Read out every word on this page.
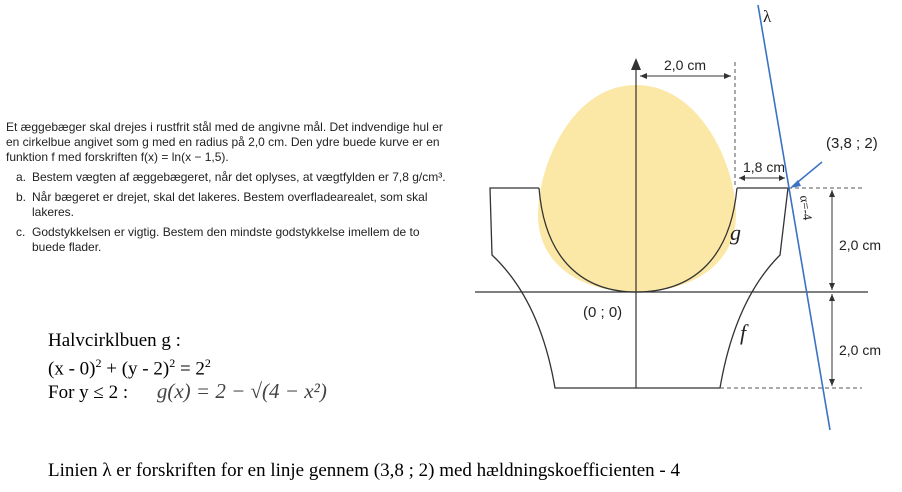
Et æggebæger skal drejes i rustfrit stål med de angivne mål. Det indvendige hul er en cirkelbue angivet som g med en radius på 2,0 cm. Den ydre buede kurve er en funktion f med forskriften f(x) = ln(x − 1,5).

a. Bestem vægten af æggebægeret, når det oplyses, at vægtfylden er 7,8 g/cm³.
b. Når bægeret er drejet, skal det lakeres. Bestem overfladearealet, som skal lakeres.
c. Godstykkelsen er vigtig. Bestem den mindste godstykkelse imellem de to buede flader.
Halvcirklbuen g :
$(x - 0)^2 + (y - 2)^2 = 2^2$
For y ≤ 2 : g(x) = 2 − √(4 − x²)
Linien λ er forskriften for en linje gennem (3,8 ; 2) med hældningskoefficienten - 4
2,0 cm
1,8 cm
2,0 cm
2,0 cm
λ
(3,8 ; 2)
α=-4
(0 ; 0)
g
f
